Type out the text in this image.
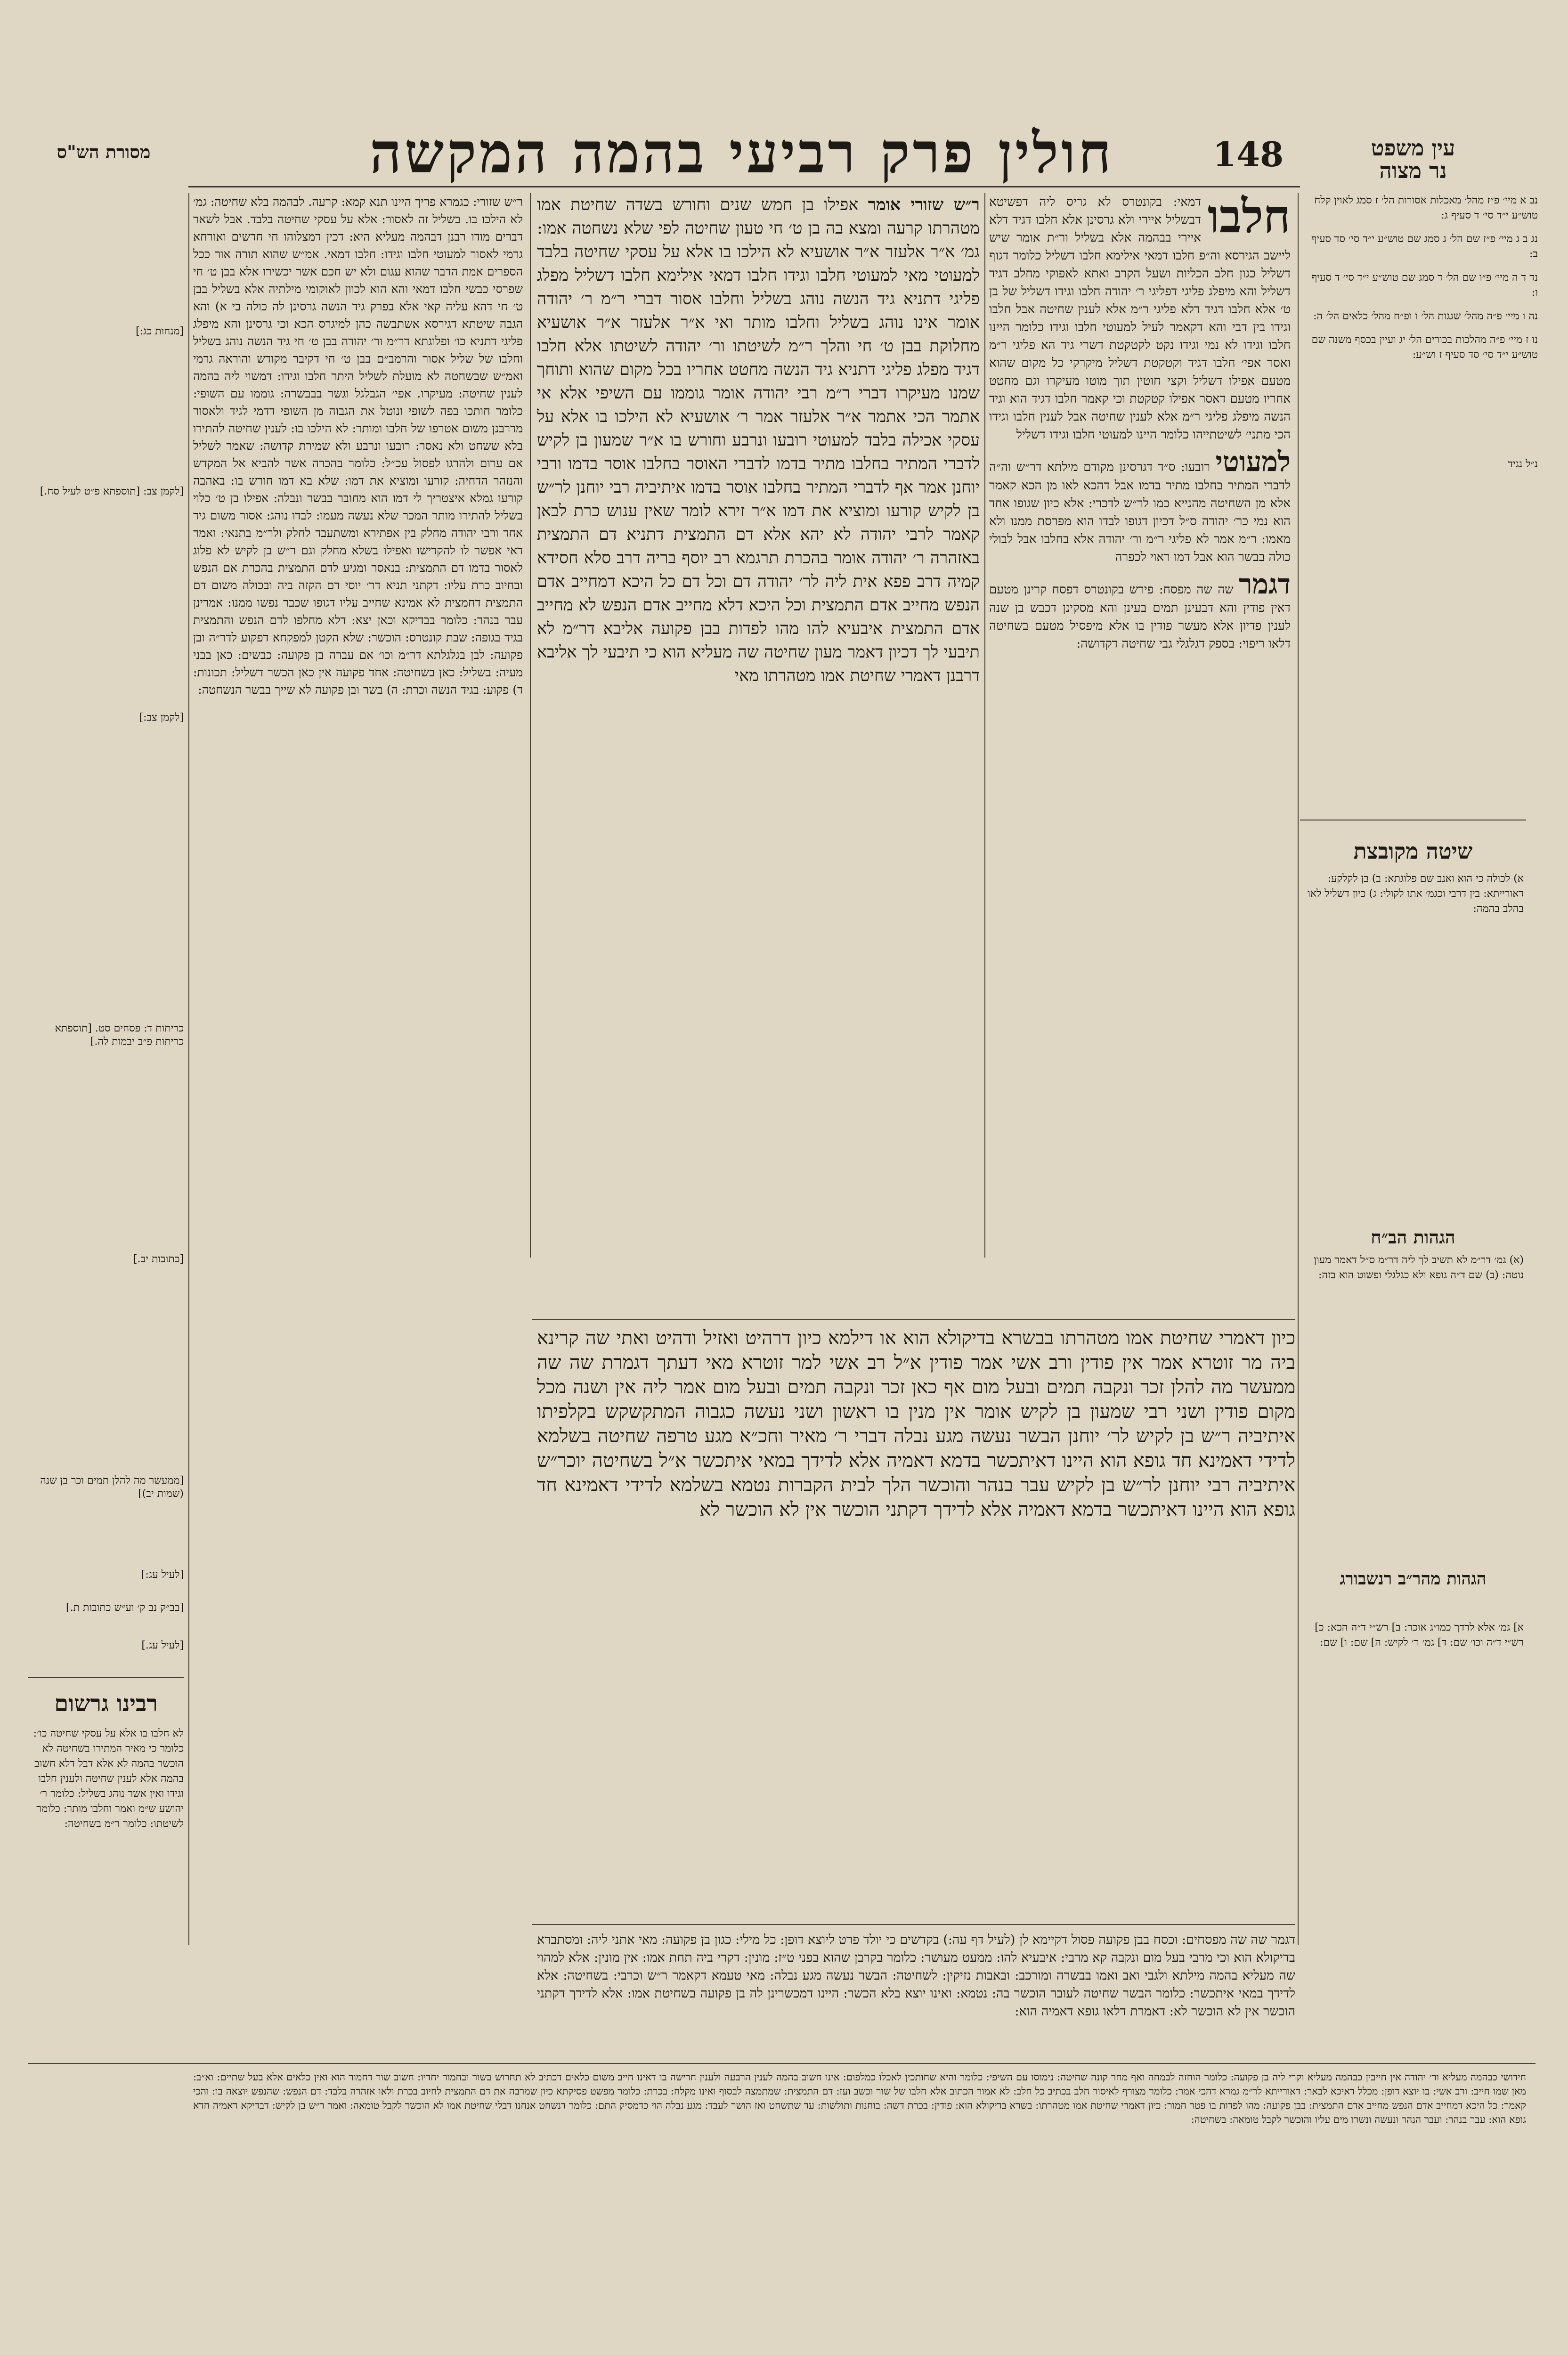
מסורת הש"ס	חולין פרק רביעי בהמה המקשה	148	עין משפט
נר מצוה

נב א מיי׳ פ״ז מהל׳ מאכלות אסורות הל׳ ז סמג לאוין קלח טוש״ע י״ד סי׳ ד סעיף ג:

נג ב ג מיי׳ פ״ז שם הל׳ ג סמג שם טוש״ע י״ד סי׳ סד סעיף ב:

נד ד ה מיי׳ פ״ו שם הל׳ ד סמג שם טוש״ע י״ד סי׳ ד סעיף ו:

נה ו מיי׳ פ״ה מהל׳ שגגות הל׳ ו ופ״ח מהל׳ כלאים הל׳ ה:

נו ז מיי׳ פ״ה מהלכות בכורים הל׳ יג ועיין בכסף משנה שם טוש״ע י״ד סי׳ סד סעיף ז וש״ע:

נ״ל נגיד

שיטה מקובצת
א) לכולה כי הוא ואנב שם פלוגתא: ב) בן לקלקע: דאורייתא: בין דרבי וכגמ׳ אתו לקולי: ג) כיון דשליל לאו בהלב בהמה:
הגהות הב״ח
(א) גמ׳ דר״מ לא תשיב לך ליה דר״מ ס״ל דאמר מעון נוטה: (ב) שם ד״ה גופא ולא כגלגלי ופשוט הוא בזה:
הגהות מהר״ב רנשבורג
א] גמ׳ אלא לרדך כמו״ג אוכר: ב] רש״י ד״ה הכא: כ] רש״י ד״ה וכו׳ שם: ד] גמ׳ ר׳ לקיש: ה] שם: ו] שם:

חלבו
דמאי: בקונטרס לא גריס ליה דפשיטא דבשליל איירי ולא גרסינן אלא חלבו דגיד דלא איירי בבהמה אלא בשליל ור״ת אומר שיש ליישב הגירסא וה״פ חלבו דמאי אילימא חלבו דשליל כלומר דגוף דשליל כגון חלב הכליות ושעל הקרב ואתא לאפוקי מחלב דגיד דשליל והא מיפלג פליגי דפליגי ר׳ יהודה חלבו וגידו דשליל של בן ט׳ אלא חלבו דגיד דלא פליגי ר״מ אלא לענין שחיטה אבל חלבו וגידו בין דבי והא דקאמר לעיל למעוטי חלבו וגידו כלומר היינו חלבו וגידו לא נמי וגידו נקט לקטקטת דשרי גיד הא פליגי ר״מ ואסר אפי׳ חלבו דגיד וקטקטת דשליל מיקרקי כל מקום שהוא מטעם אפילו דשליל וקצי חוטין תוך מוטו מעיקרו וגם מחטט אחריו מטעם דאסר אפילו קטקטת וכי קאמר חלבו דגיד הוא וגיד הנשה מיפלג פליגי ר״מ אלא לענין שחיטה אבל לענין חלבו וגידו הכי מתני׳ לשיטתייהו כלומר היינו למעוטי חלבו וגידו דשליל

למעוטי רובעו: ס״ד דגרסינן מקודם מילתא דר״ש וה״ה לדברי המתיר בחלבו מתיר בדמו אבל דהכא לאו מן הכא קאמר אלא מן השחיטה מהנייא כמו לר״ש לדכרי: אלא כיון שגופו אחד הוא נמי כר׳ יהודה ס״ל דכיון דגופו לבדו הוא מפרסת ממנו ולא מאמו: ר״מ אמר לא פליגי ר״מ ור׳ יהודה אלא בחלבו אבל לבולי כולה בבשר הוא אבל דמו ראוי לכפרה

דגמר שה שה מפסח: פירש בקונטרס דפסח קרינן מטעם דאין פודין והא דבעינן תמים בעינן והא מסקינן דכבש בן שנה לענין פדיון אלא מעשר פודין בו אלא מיפסיל מטעם בשחיטה דלאו ריפוי: בספק דגלגלי גבי שחיטה דקדושה:

ר״ש שזורי אומר אפילו בן חמש שנים וחורש בשדה שחיטת אמו מטהרתו קרעה ומצא בה בן ט׳ חי טעון שחיטה לפי שלא נשחטה אמו: גמ׳ א״ר אלעזר א״ר אושעיא לא הילכו בו אלא על עסקי שחיטה בלבד למעוטי מאי למעוטי חלבו וגידו חלבו דמאי אילימא חלבו דשליל מפלג פליגי דתניא גיד הנשה נוהג בשליל וחלבו אסור דברי ר״מ ר׳ יהודה אומר אינו נוהג בשליל וחלבו מותר ואי א״ר אלעזר א״ר אושעיא מחלוקת בבן ט׳ חי והלך ר״מ לשיטתו ור׳ יהודה לשיטתו אלא חלבו דגיד מפלג פליגי דתניא גיד הנשה מחטט אחריו בכל מקום שהוא ותוחך שמנו מעיקרו דברי ר״מ רבי יהודה אומר גוממו עם השיפי אלא אי אתמר הכי אתמר א״ר אלעזר אמר ר׳ אושעיא לא הילכו בו אלא על עסקי אכילה בלבד למעוטי רובעו ונרבע וחורש בו א״ר שמעון בן לקיש לדברי המתיר בחלבו מתיר בדמו לדברי האוסר בחלבו אוסר בדמו ורבי יוחנן אמר אף לדברי המתיר בחלבו אוסר בדמו איתיביה רבי יוחנן לר״ש בן לקיש קורעו ומוציא את דמו א״ר זירא לומר שאין ענוש כרת לבאן קאמר לרבי יהודה לא יהא אלא דם התמצית דתניא דם התמצית באזהרה ר׳ יהודה אומר בהכרת תרגמא רב יוסף בריה דרב סלא חסידא קמיה דרב פפא אית ליה לר׳ יהודה דם וכל דם כל היכא דמחייב אדם הנפש מחייב אדם התמצית וכל היכא דלא מחייב אדם הנפש לא מחייב אדם התמצית איבעיא להו מהו לפדות בבן פקועה אליבא דר״מ לא תיבעי לך דכיון דאמר מעון שחיטה שה מעליא הוא כי תיבעי לך אליבא דרבנן דאמרי שחיטת אמו מטהרתו מאי

ר״ש שזורי: כגמרא פריך היינו תנא קמא: קרעה. לבהמה בלא שחיטה: גמ׳ לא הילכו בו. בשליל זה לאסור: אלא על עסקי שחיטה בלבד. אבל לשאר דברים מודו רבנן דבהמה מעליא היא: דכין דמצלוהו חי חדשים ואורחא גרמי לאסור למעוטי חלבו וגידו: חלבו דמאי. אמ״ש שהוא תורה אור ככל הספרים אמת הדבר שהוא עגום ולא יש חכם אשר יכשירו אלא בבן ט׳ חי שפרסי כבשי חלבו דמאי והא הוא לכוון לאוקומי מילתיה אלא בשליל בבן ט׳ חי דהא עליה קאי אלא בפרק גיד הנשה גרסינן לה כולה בי א) והא הגבה שיטתא דגירסא אשתבשה כהן למיגרס הכא וכי גרסינן והא מיפלג פליגי דתניא כו׳ ופלוגתא דר״מ ור׳ יהודה בבן ט׳ חי גיד הנשה נוהג בשליל וחלבו של שליל אסור והרמב״ם בבן ט׳ חי דקיבר מקודש והוראה גרמי ואמ״ש שבשחטה לא מועלת לשליל היתר חלבו וגידו: דמשוי ליה בהמה לענין שחיטה: מעיקרו. אפי׳ הגבלגל וגשר בבבשרה: גוממו עם השופי: כלומר חותכו בפה לשופי ונוטל את הגבוה מן השופי דדמי לגיד ולאסור מדרבנן משום אטרפו של חלבו ומותר: לא הילכו בו: לענין שחיטה להתירו בלא ששחט ולא נאסר: רובעו ונרבע ולא שמירת קדושה: שאמר לשליל אם ערום ולהרגו לפסול עכ״ל: כלומר בהכרה אשר להביא אל המקדש והנזהר הדחיה: קורעו ומוציא את דמו: שלא בא דמו חורש בו: באהבה קורעו גמלא איצטריך לי דמו הוא מחובר בבשר ונבלה: אפילו בן ט׳ כלוי בשליל להתירו מותר המכר שלא נעשה מעמו: לבדו נוהג: אסור משום גיד אחד ורבי יהודה מחלק בין אפתירא ומשתעבד לחלק ולר״מ בתנאי: ואמר דאי אפשר לו להקדישו ואפילו בשלא מחלק וגם ר״ש בן לקיש לא פלוג לאסור בדמו דם התמצית: בנאסר ומגיע לדם התמצית בהכרת אם הנפש ובחיוב כרת עליו: דקתני תניא דר׳ יוסי דם הקזה ביה ובכולה משום דם התמצית דחמצית לא אמינא שחייב עליו דגופו שכבר נפשו ממנו: אמרינן עבר בנהר: כלומר בבדיקא וכאן יצא: דלא מחלפו לדם הנפש והתמצית בגיד בגופה: שבת קונטרס: הוכשר: שלא הקטן למפקחא דפקוע לדר״ה ובן פקועה: לבן בגלגלתא דר״מ וכו׳ אם עברה בן פקועה: כבשים: כאן בבני מעיה: בשליל: כאן בשחיטה: אחד פקועה אין כאן הכשר דשליל: תכונות: ד) פקוע: בגיד הנשה וכרת: ה) בשר ובן פקועה לא שייך בבשר הנשחטה:

כיון דאמרי שחיטת אמו מטהרתו בבשרא בדיקולא הוא או דילמא כיון דרהיט ואזיל ודהיט ואתי שה קרינא ביה מר זוטרא אמר אין פודין ורב אשי אמר פודין א״ל רב אשי למר זוטרא מאי דעתך דגמרת שה שה ממעשר מה להלן זכר ונקבה תמים ובעל מום אף כאן זכר ונקבה תמים ובעל מום אמר ליה אין ושנה מכל מקום פודין ושני רבי שמעון בן לקיש אומר אין מנין בו ראשון ושני נעשה כגבוה המתקשקש בקלפיתו איתיביה ר״ש בן לקיש לר׳ יוחנן הבשר נעשה מגע נבלה דברי ר׳ מאיר וחכ״א מגע טרפה שחיטה בשלמא לדידי דאמינא חד גופא הוא היינו דאיתכשר בדמא דאמיה אלא לדידך במאי איתכשר א״ל בשחיטה יוכר״ש איתיביה רבי יוחנן לר״ש בן לקיש עבר בנהר והוכשר הלך לבית הקברות נטמא בשלמא לדידי דאמינא חד גופא הוא היינו דאיתכשר בדמא דאמיה אלא לדידך דקתני הוכשר אין לא הוכשר לא

[מנחות כג:]
[לקמן צב: [תוספתא פ״ט לעיל סח.]
[לקמן צב:]
כריתות ד: פסחים סט. [תוספתא כריתות פ״ב יבמות לה.]
[כתובות יב.]
[ממעשר מה להלן תמים וכר בן שנה (שמות יב)]
[לעיל עג:]
[בב״ק נב ק׳ וע״ש כתובות ת.]
[לעיל עג.]
רבינו גרשום
לא חלבו בו אלא על עסקי שחיטה כו׳: כלומר כי מאיר המתירו בשחיטה לא הוכשר בהמה לא אלא דבל דלא חשוב בהמה אלא לענין שחיטה ולענין חלבו וגידו ואין אשר נוהג בשליל: כלומר ר׳ יהושע ש״מ ואמר וחלבו מותר: כלומר לשיטתו: כלומר ר״מ בשחיטה:
דגמר שה שה מפסחים: וכסח בבן פקועה פסול דקיימא לן (לעיל דף עה:) בקדשים כי יולד פרט ליוצא דופן: כל מילי: כגון בן פקועה: מאי אתני ליה: ומסתברא בדיקולא הוא וכי מרבי בעל מום ונקבה קא מרבי: איבעיא להו: ממעט מעושר: כלומר בקרבן שהוא בפני ט״ז: מונין: דקרי ביה תחת אמו: אין מונין: אלא למהוי שה מעליא בהמה מילתא ולגבי ואב ואמו בבשרה ומורכב: ובאבות נזיקין: לשחיטה: הבשר נעשה מגע נבלה: מאי טעמא דקאמר ר״ש וכרבי: בשחיטה: אלא לדידך במאי איתכשר: כלומר הבשר שחיטה לעובר הוכשר בה: נטמא: ואינו יוצא בלא הכשר: היינו דמכשרינן לה בן פקועה בשחיטת אמו: אלא לדידך דקתני הוכשר אין לא הוכשר לא: דאמרת דלאו גופא דאמיה הוא:
חידושי כבהמה מעליא ור׳ יהודה אין חייבין כבהמה מעליא וקרי ליה בן פקועה: כלומר הוחזה לבמחה ואף מחר קונה שחיטה: נימוסו עם השיפי: כלומר והיא שחותכין לאכלו כמלפום: אינו חשוב בהמה לענין הרבעה ולענין חרישה בו דאינו חייב משום כלאים דכתיב לא תחרוש בשור ובחמור יחדיו: חשוב שור דחמור הוא ואין כלאים אלא בעל שתיים: וא״ב: מאן שמו חייב: ורב אשי: בו יוצא דופן: מכלל דאיכא לבאר: דאורייתא לר״מ גמרא דהכי אמר: כלומר מצורף לאיסור חלב בכתיב כל חלב: לא אמור הכתוב אלא חלבו של שור וכשב ועז: דם התמצית: שמתמצה לבסוף ואינו מקלח: בכרת: כלומר מפשט פסיקתא כיון שמרבה את דם התמצית לחיוב בכרת ולאו אזהרה בלבד: דם הנפש: שהנפש יוצאה בו: והכי קאמר: כל היכא דמחייב אדם הנפש מחייב אדם התמצית: בבן פקועה: מהו לפדות בו פטר חמור: כיון דאמרי שחיטת אמו מטהרתו: בשרא בדיקולא הוא: פודין: בכרת דשה: בוחנות ותולשות: עד שתשחט ואז הושר לעבד: מגע נבלה הוי כדמסיק התם: כלומר דנשחט אנחנו דבלי שחיטת אמו לא הוכשר לקבל טומאה: ואמר ר״ש בן לקיש: דבדיקא דאמיה חדא גופא הוא: עבר בנהר: ועבר הנהר ונעשה ונשרו מים עליו והוכשר לקבל טומאה: בשחיטה:
